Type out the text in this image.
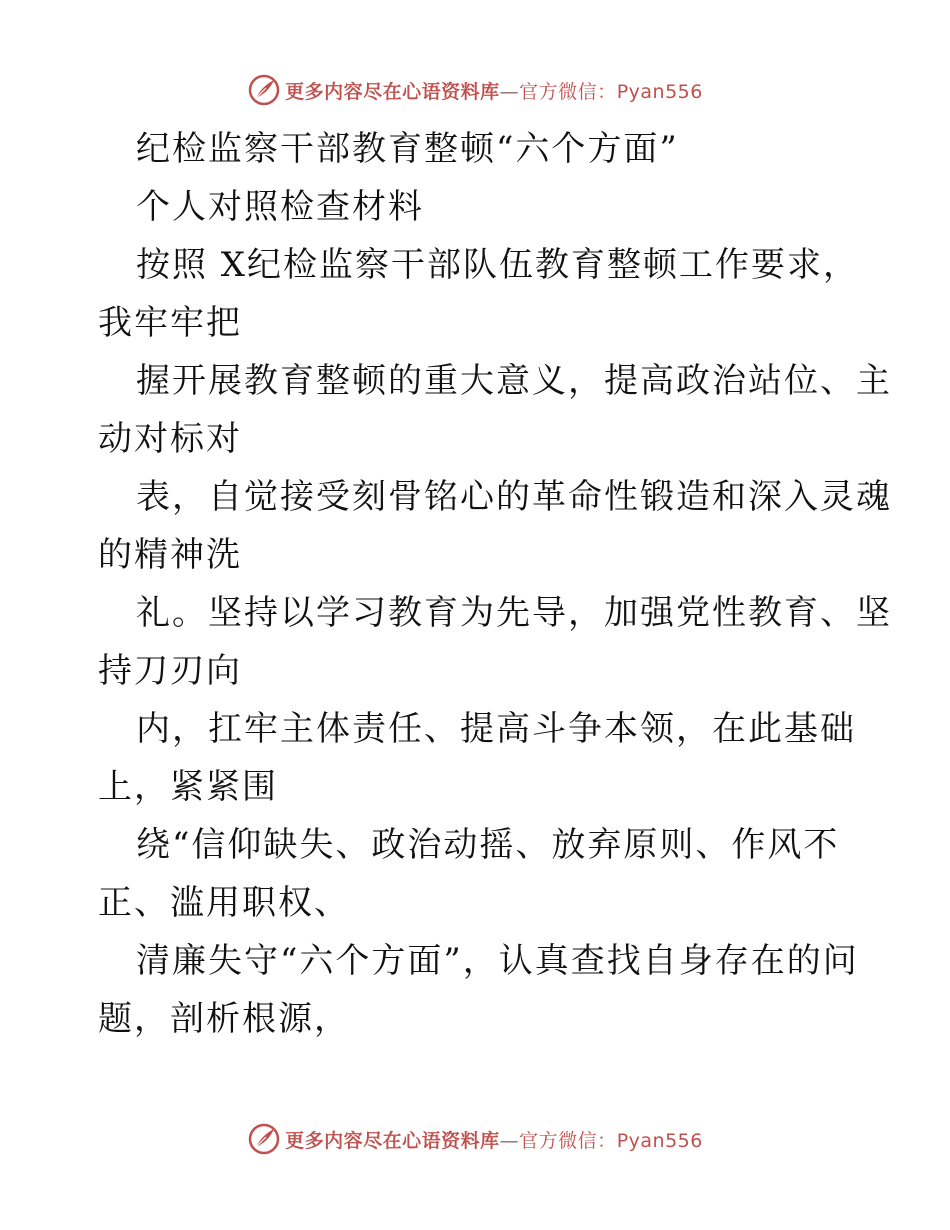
更多内容尽在心语资料库—官方微信：Pyan556
纪检监察干部教育整顿“六个方面”
个人对照检查材料
按照 X纪检监察干部队伍教育整顿工作要求，
我牢牢把
握开展教育整顿的重大意义，提高政治站位、主
动对标对
表，自觉接受刻骨铭心的革命性锻造和深入灵魂
的精神洗
礼。坚持以学习教育为先导，加强党性教育、坚
持刀刃向
内，扛牢主体责任、提高斗争本领，在此基础
上，紧紧围
绕“信仰缺失、政治动摇、放弃原则、作风不
正、滥用职权、
清廉失守“六个方面”，认真查找自身存在的问
题，剖析根源，
更多内容尽在心语资料库—官方微信：Pyan556
